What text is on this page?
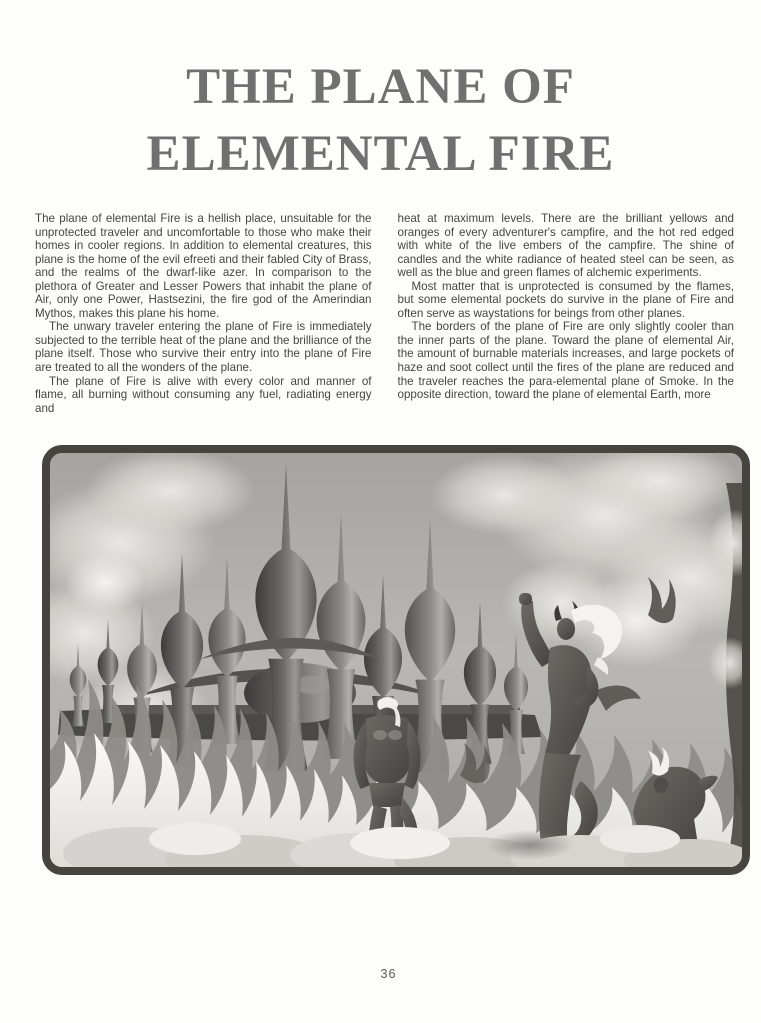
THE PLANE OF
ELEMENTAL FIRE

The plane of elemental Fire is a hellish place, unsuitable for the unprotected traveler and uncomfortable to those who make their homes in cooler regions. In addition to elemental creatures, this plane is the home of the evil efreeti and their fabled City of Brass, and the realms of the dwarf-like azer. In comparison to the plethora of Greater and Lesser Powers that inhabit the plane of Air, only one Power, Hastsezini, the fire god of the Amerindian Mythos, makes this plane his home.

The unwary traveler entering the plane of Fire is immediately subjected to the terrible heat of the plane and the brilliance of the plane itself. Those who survive their entry into the plane of Fire are treated to all the wonders of the plane.

The plane of Fire is alive with every color and manner of flame, all burning without consuming any fuel, radiating energy and

heat at maximum levels. There are the brilliant yellows and oranges of every adventurer's campfire, and the hot red edged with white of the live embers of the campfire. The shine of candles and the white radiance of heated steel can be seen, as well as the blue and green flames of alchemic experiments.

Most matter that is unprotected is consumed by the flames, but some elemental pockets do survive in the plane of Fire and often serve as waystations for beings from other planes.

The borders of the plane of Fire are only slightly cooler than the inner parts of the plane. Toward the plane of elemental Air, the amount of burnable materials increases, and large pockets of haze and soot collect until the fires of the plane are reduced and the traveler reaches the para-elemental plane of Smoke. In the opposite direction, toward the plane of elemental Earth, more

36
